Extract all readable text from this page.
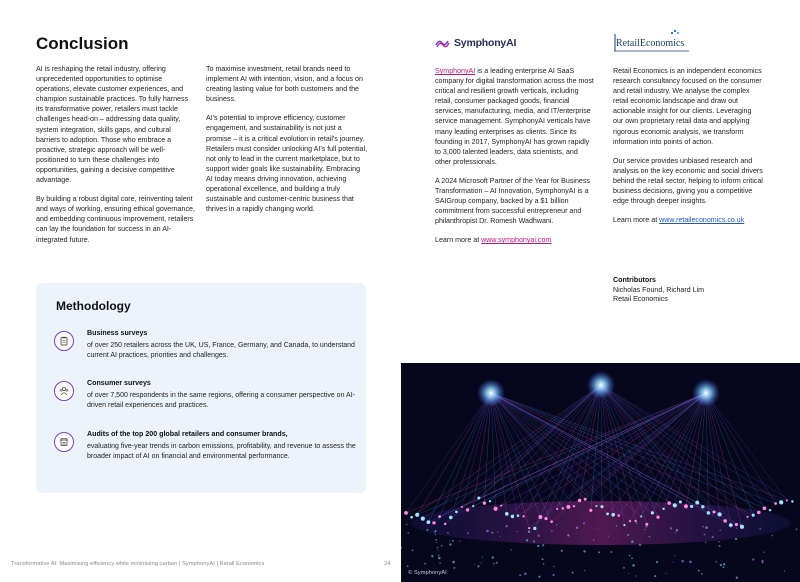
Conclusion

AI is reshaping the retail industry, offering unprecedented opportunities to optimise operations, elevate customer experiences, and champion sustainable practices. To fully harness its transformative power, retailers must tackle challenges head-on – addressing data quality, system integration, skills gaps, and cultural barriers to adoption. Those who embrace a proactive, strategic approach will be well-positioned to turn these challenges into opportunities, gaining a decisive competitive advantage.

By building a robust digital core, reinventing talent and ways of working, ensuring ethical governance, and embedding continuous improvement, retailers can lay the foundation for success in an AI-integrated future.

To maximise investment, retail brands need to implement AI with intention, vision, and a focus on creating lasting value for both customers and the business.

AI's potential to improve efficiency, customer engagement, and sustainability is not just a promise – it is a critical evolution in retail's journey. Retailers must consider unlocking AI's full potential, not only to lead in the current marketplace, but to support wider goals like sustainability. Embracing AI today means driving innovation, achieving operational excellence, and building a truly sustainable and customer-centric business that thrives in a rapidly changing world.

Methodology
Business surveys
of over 250 retailers across the UK, US, France, Germany, and Canada, to understand current AI practices, priorities and challenges.
Consumer surveys
of over 7,500 respondents in the same regions, offering a consumer perspective on AI-driven retail experiences and practices.
Audits of the top 200 global retailers and consumer brands,
evaluating five-year trends in carbon emissions, profitability, and revenue to assess the broader impact of AI on financial and environmental performance.
SymphonyAI	RetailEconomics

SymphonyAI is a leading enterprise AI SaaS company for digital transformation across the most critical and resilient growth verticals, including retail, consumer packaged goods, financial services, manufacturing, media, and IT/enterprise service management. SymphonyAI verticals have many leading enterprises as clients. Since its founding in 2017, SymphonyAI has grown rapidly to 3,000 talented leaders, data scientists, and other professionals.

A 2024 Microsoft Partner of the Year for Business Transformation – AI Innovation, SymphonyAI is a SAIGroup company, backed by a $1 billion commitment from successful entrepreneur and philanthropist Dr. Romesh Wadhwani.

Learn more at www.symphonyai.com

Retail Economics is an independent economics research consultancy focused on the consumer and retail industry. We analyse the complex retail economic landscape and draw out actionable insight for our clients. Leveraging our own proprietary retail data and applying rigorous economic analysis, we transform information into points of action.

Our service provides unbiased research and analysis on the key economic and social drivers behind the retail sector, helping to inform critical business decisions, giving you a competitive edge through deeper insights.

Learn more at www.retaileconomics.co.uk

Contributors
Nicholas Found, Richard Lim
Retail Economics
© SymphonyAI
Transformative AI: Maximising efficiency while minimising carbon | SymphonyAI | Retail Economics	24
